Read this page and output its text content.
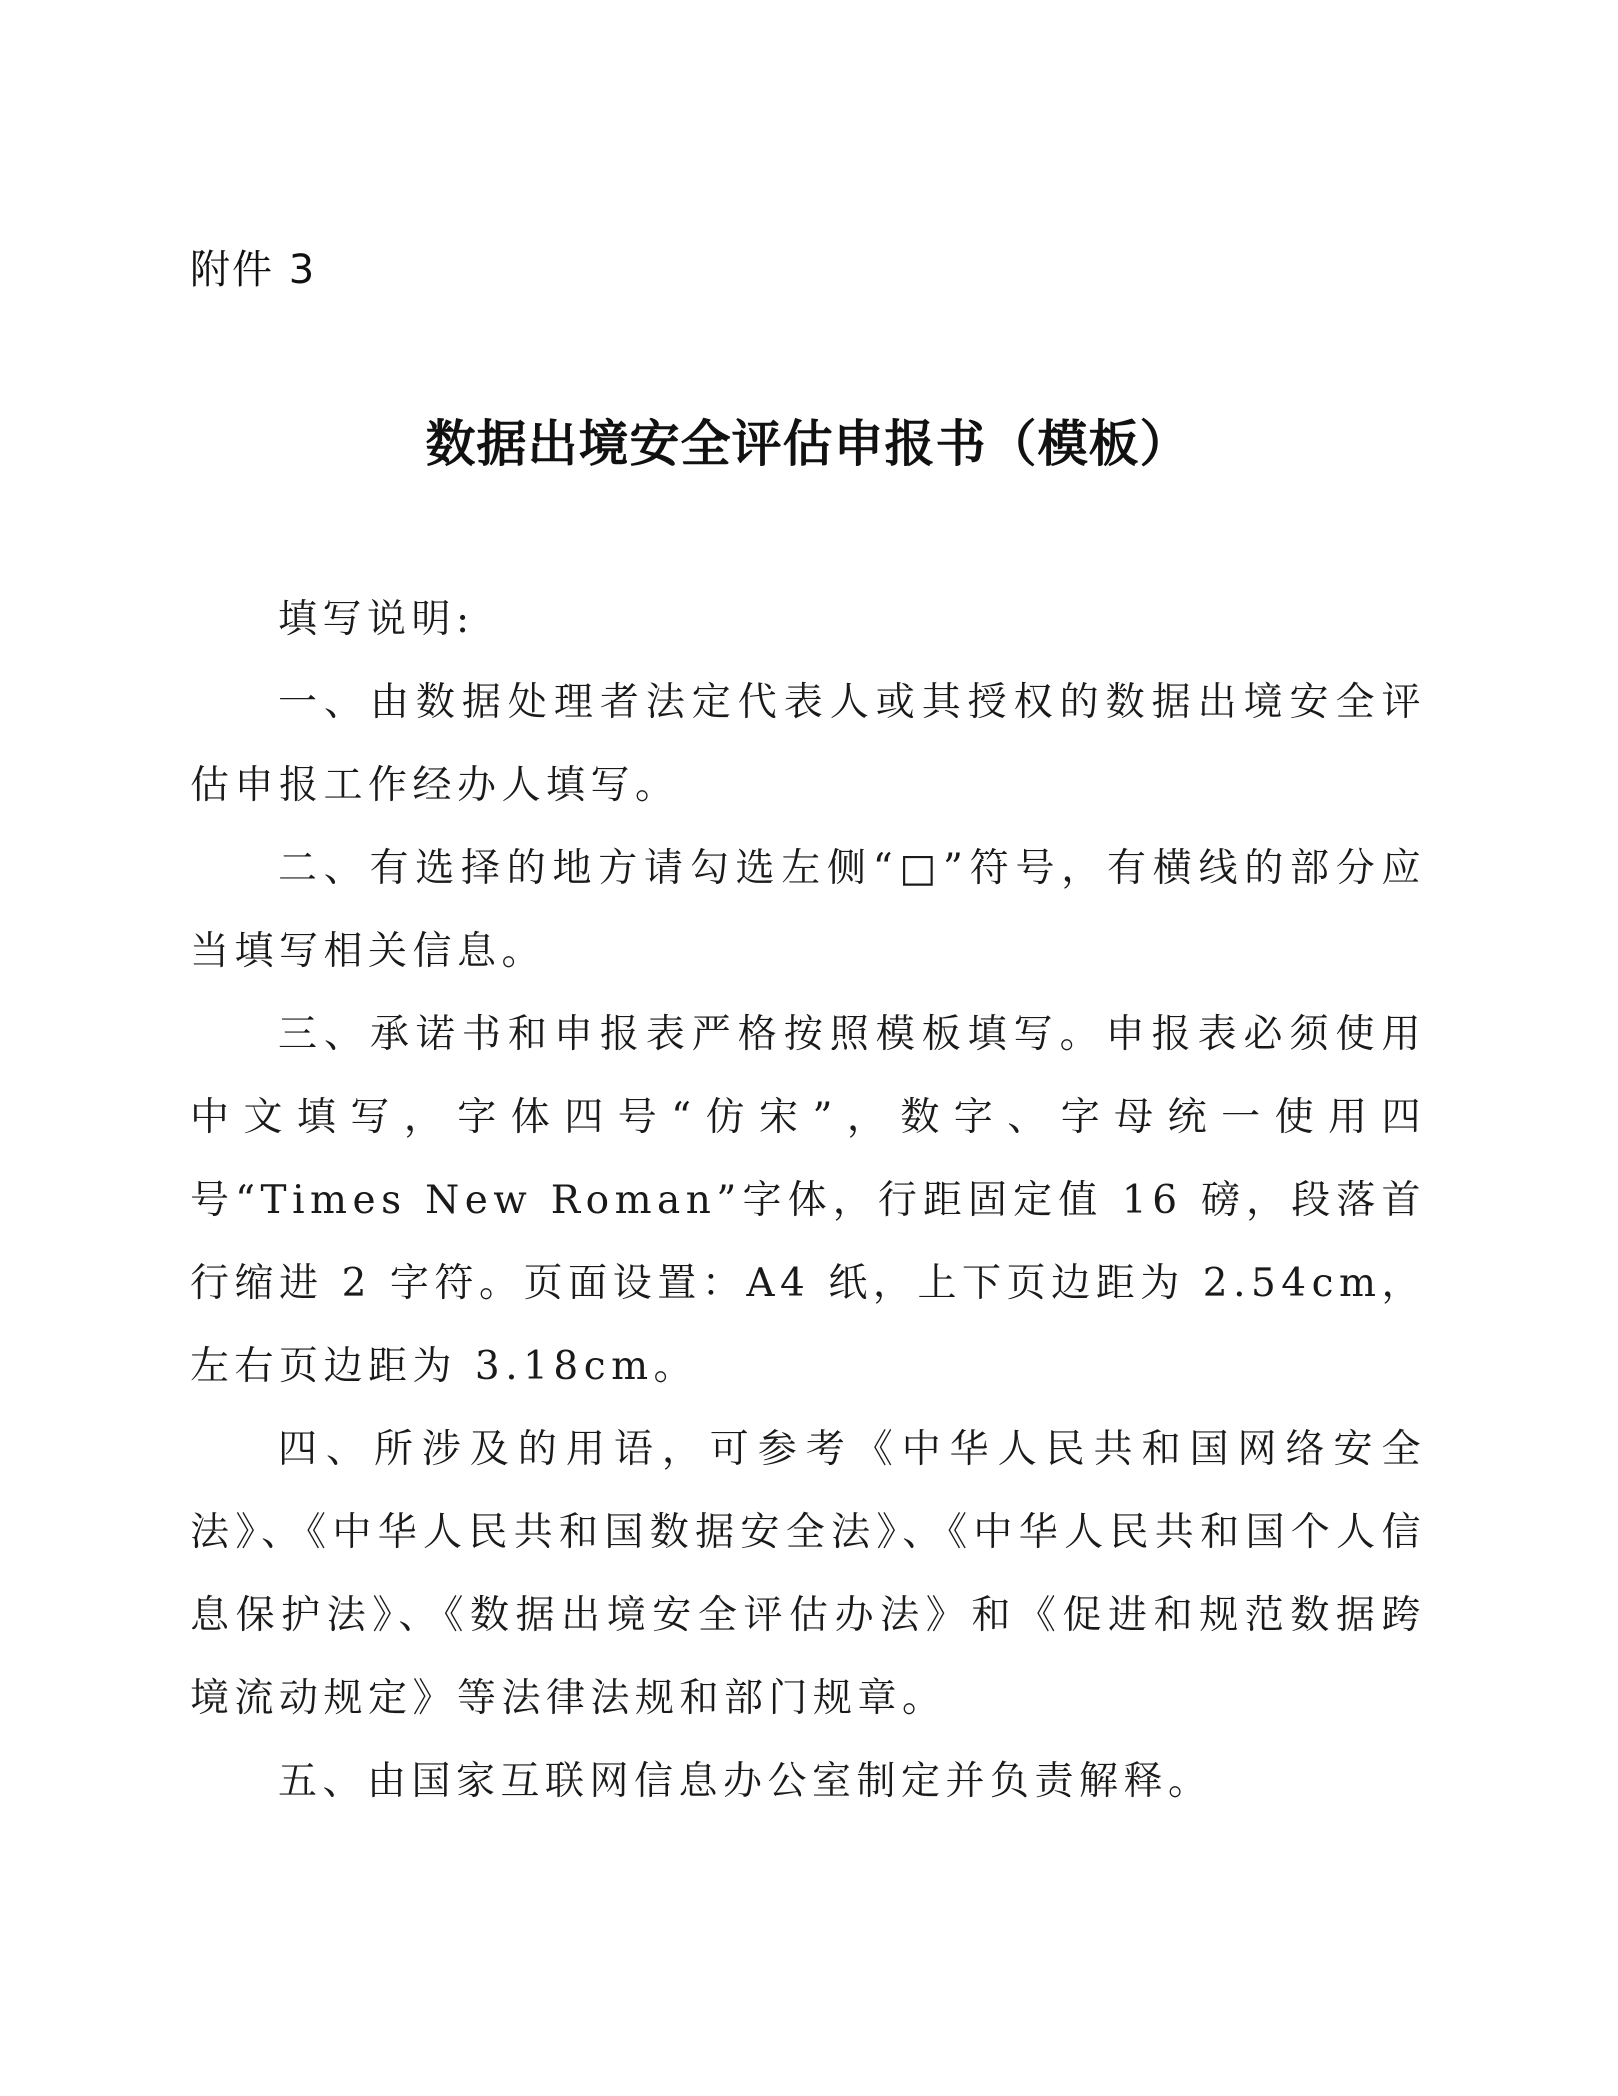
附件 3
数据出境安全评估申报书（模板）

填写说明:

一、由数据处理者法定代表人或其授权的数据出境安全评估申报工作经办人填写。

二、有选择的地方请勾选左侧“□”符号，有横线的部分应当填写相关信息。

三、承诺书和申报表严格按照模板填写。申报表必须使用中文填写，字体四号“仿宋”，数字、字母统一使用四号“Times New Roman”字体，行距固定值 16 磅，段落首行缩进 2 字符。页面设置：A4 纸，上下页边距为 2.54cm，左右页边距为 3.18cm。

四、所涉及的用语，可参考《中华人民共和国网络安全法》、《中华人民共和国数据安全法》、《中华人民共和国个人信息保护法》、《数据出境安全评估办法》和《促进和规范数据跨境流动规定》等法律法规和部门规章。

五、由国家互联网信息办公室制定并负责解释。
